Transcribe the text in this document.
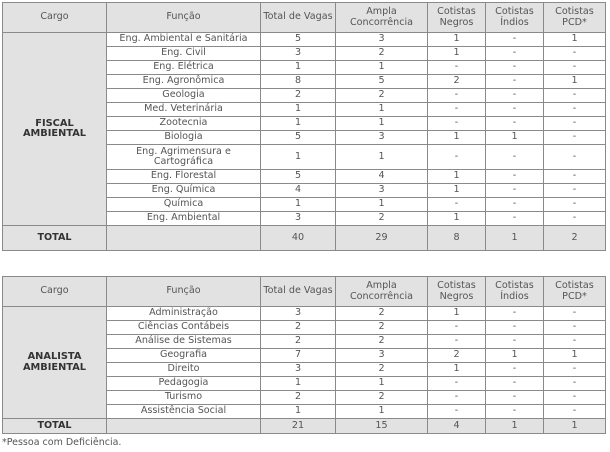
Cargo	Função	Total de Vagas	Ampla Concorrência	Cotistas Negros	Cotistas Índios	Cotistas PCD*
FISCAL AMBIENTAL	Eng. Ambiental e Sanitária	5	3	1	-	1
	Eng. Civil	3	2	1	-	-
	Eng. Elétrica	1	1	-	-	-
	Eng. Agronômica	8	5	2	-	1
	Geologia	2	2	-	-	-
	Med. Veterinária	1	1	-	-	-
	Zootecnia	1	1	-	-	-
	Biologia	5	3	1	1	-
	Eng. Agrimensura e Cartográfica	1	1	-	-	-
	Eng. Florestal	5	4	1	-	-
	Eng. Química	4	3	1	-	-
	Química	1	1	-	-	-
	Eng. Ambiental	3	2	1	-	-
TOTAL		40	29	8	1	2
Cargo	Função	Total de Vagas	Ampla Concorrência	Cotistas Negros	Cotistas Índios	Cotistas PCD*
ANALISTA AMBIENTAL	Administração	3	2	1	-	-
	Ciências Contábeis	2	2	-	-	-
	Análise de Sistemas	2	2	-	-	-
	Geografia	7	3	2	1	1
	Direito	3	2	1	-	-
	Pedagogia	1	1	-	-	-
	Turismo	2	2	-	-	-
	Assistência Social	1	1	-	-	-
TOTAL		21	15	4	1	1
*Pessoa com Deficiência.
